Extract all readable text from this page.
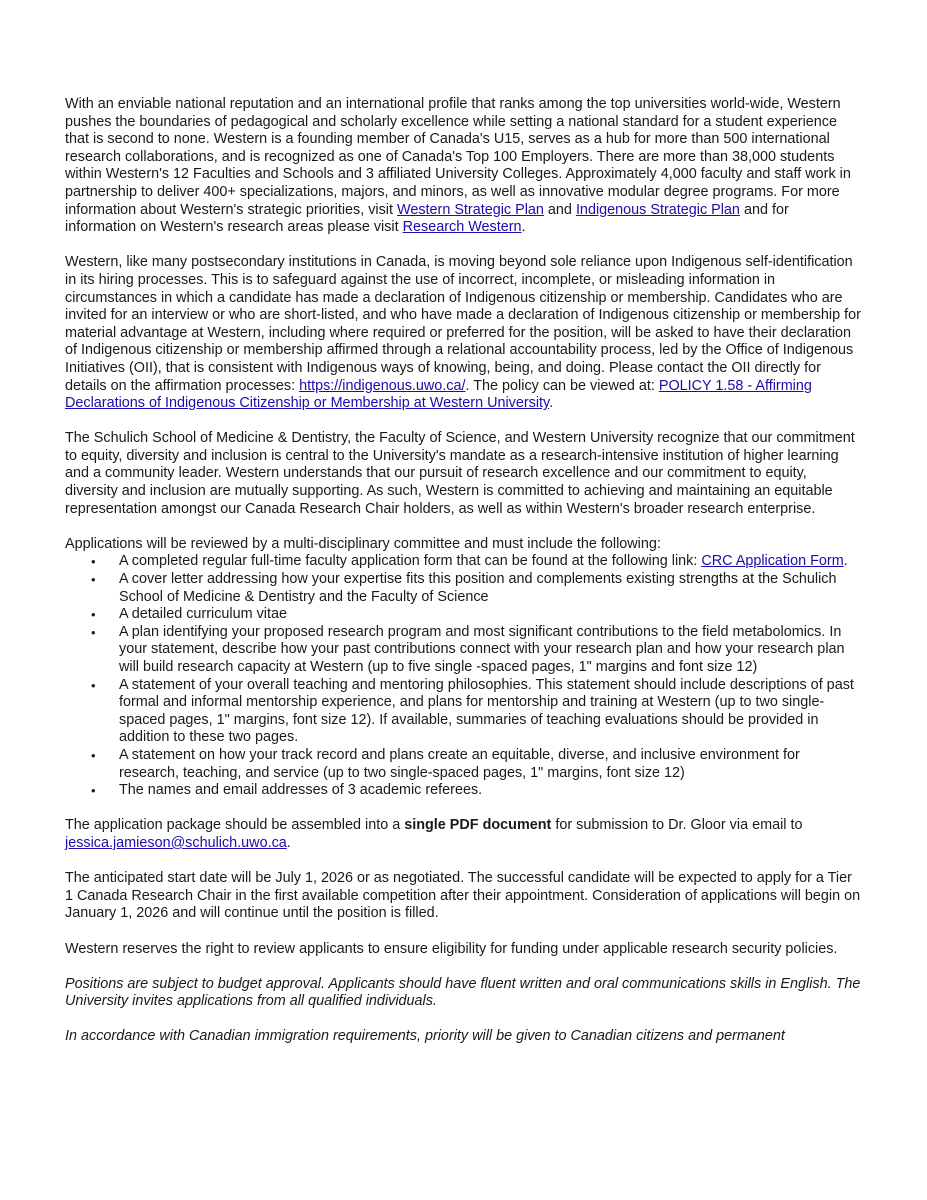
With an enviable national reputation and an international profile that ranks among the top universities world-wide, Western pushes the boundaries of pedagogical and scholarly excellence while setting a national standard for a student experience that is second to none. Western is a founding member of Canada's U15, serves as a hub for more than 500 international research collaborations, and is recognized as one of Canada's Top 100 Employers. There are more than 38,000 students within Western's 12 Faculties and Schools and 3 affiliated University Colleges. Approximately 4,000 faculty and staff work in partnership to deliver 400+ specializations, majors, and minors, as well as innovative modular degree programs. For more information about Western's strategic priorities, visit Western Strategic Plan and Indigenous Strategic Plan and for information on Western's research areas please visit Research Western.

Western, like many postsecondary institutions in Canada, is moving beyond sole reliance upon Indigenous self-identification in its hiring processes. This is to safeguard against the use of incorrect, incomplete, or misleading information in circumstances in which a candidate has made a declaration of Indigenous citizenship or membership. Candidates who are invited for an interview or who are short-listed, and who have made a declaration of Indigenous citizenship or membership for material advantage at Western, including where required or preferred for the position, will be asked to have their declaration of Indigenous citizenship or membership affirmed through a relational accountability process, led by the Office of Indigenous Initiatives (OII), that is consistent with Indigenous ways of knowing, being, and doing. Please contact the OII directly for details on the affirmation processes: https://indigenous.uwo.ca/. The policy can be viewed at: POLICY 1.58 - Affirming Declarations of Indigenous Citizenship or Membership at Western University.

The Schulich School of Medicine & Dentistry, the Faculty of Science, and Western University recognize that our commitment to equity, diversity and inclusion is central to the University's mandate as a research-intensive institution of higher learning and a community leader. Western understands that our pursuit of research excellence and our commitment to equity, diversity and inclusion are mutually supporting. As such, Western is committed to achieving and maintaining an equitable representation amongst our Canada Research Chair holders, as well as within Western's broader research enterprise.

Applications will be reviewed by a multi-disciplinary committee and must include the following:
• A completed regular full-time faculty application form that can be found at the following link: CRC Application Form.
• A cover letter addressing how your expertise fits this position and complements existing strengths at the Schulich School of Medicine & Dentistry and the Faculty of Science
• A detailed curriculum vitae
• A plan identifying your proposed research program and most significant contributions to the field metabolomics. In your statement, describe how your past contributions connect with your research plan and how your research plan will build research capacity at Western (up to five single -spaced pages, 1" margins and font size 12)
• A statement of your overall teaching and mentoring philosophies. This statement should include descriptions of past formal and informal mentorship experience, and plans for mentorship and training at Western (up to two single-spaced pages, 1" margins, font size 12). If available, summaries of teaching evaluations should be provided in addition to these two pages.
• A statement on how your track record and plans create an equitable, diverse, and inclusive environment for research, teaching, and service (up to two single-spaced pages, 1" margins, font size 12)
• The names and email addresses of 3 academic referees.

The application package should be assembled into a single PDF document for submission to Dr. Gloor via email to jessica.jamieson@schulich.uwo.ca.

The anticipated start date will be July 1, 2026 or as negotiated. The successful candidate will be expected to apply for a Tier 1 Canada Research Chair in the first available competition after their appointment. Consideration of applications will begin on January 1, 2026 and will continue until the position is filled.

Western reserves the right to review applicants to ensure eligibility for funding under applicable research security policies.

Positions are subject to budget approval. Applicants should have fluent written and oral communications skills in English. The University invites applications from all qualified individuals.

In accordance with Canadian immigration requirements, priority will be given to Canadian citizens and permanent
